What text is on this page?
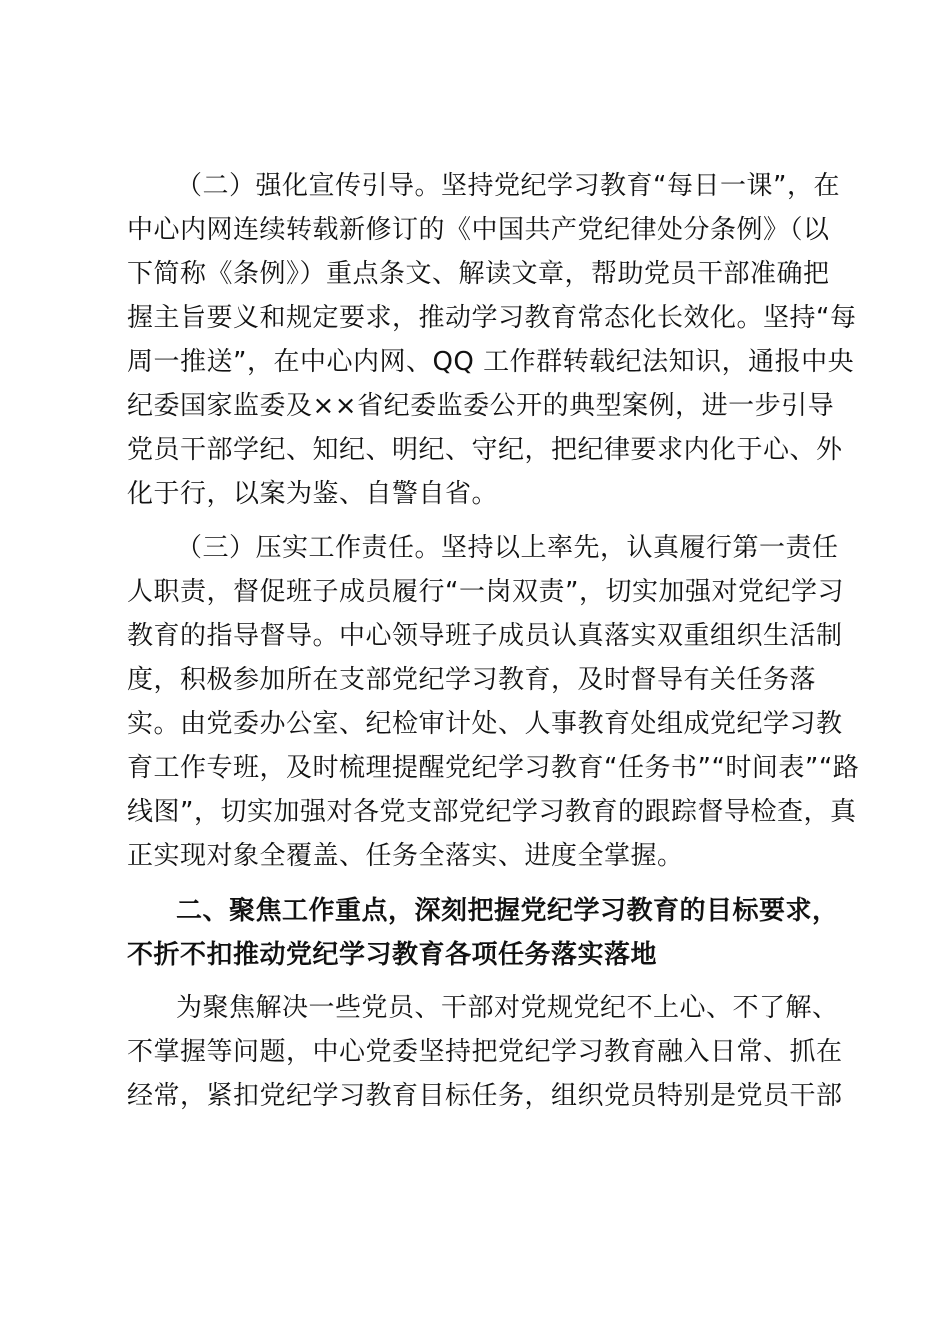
（二）强化宣传引导。坚持党纪学习教育“每日一课”，在
中心内网连续转载新修订的《中国共产党纪律处分条例》（以
下简称《条例》）重点条文、解读文章，帮助党员干部准确把
握主旨要义和规定要求，推动学习教育常态化长效化。坚持“每
周一推送”，在中心内网、QQ 工作群转载纪法知识，通报中央
纪委国家监委及××省纪委监委公开的典型案例，进一步引导
党员干部学纪、知纪、明纪、守纪，把纪律要求内化于心、外
化于行，以案为鉴、自警自省。
（三）压实工作责任。坚持以上率先，认真履行第一责任
人职责，督促班子成员履行“一岗双责”，切实加强对党纪学习
教育的指导督导。中心领导班子成员认真落实双重组织生活制
度，积极参加所在支部党纪学习教育，及时督导有关任务落
实。由党委办公室、纪检审计处、人事教育处组成党纪学习教
育工作专班，及时梳理提醒党纪学习教育“任务书”“时间表”“路
线图”，切实加强对各党支部党纪学习教育的跟踪督导检查，真
正实现对象全覆盖、任务全落实、进度全掌握。
二、聚焦工作重点，深刻把握党纪学习教育的目标要求，
不折不扣推动党纪学习教育各项任务落实落地
为聚焦解决一些党员、干部对党规党纪不上心、不了解、
不掌握等问题，中心党委坚持把党纪学习教育融入日常、抓在
经常，紧扣党纪学习教育目标任务，组织党员特别是党员干部
